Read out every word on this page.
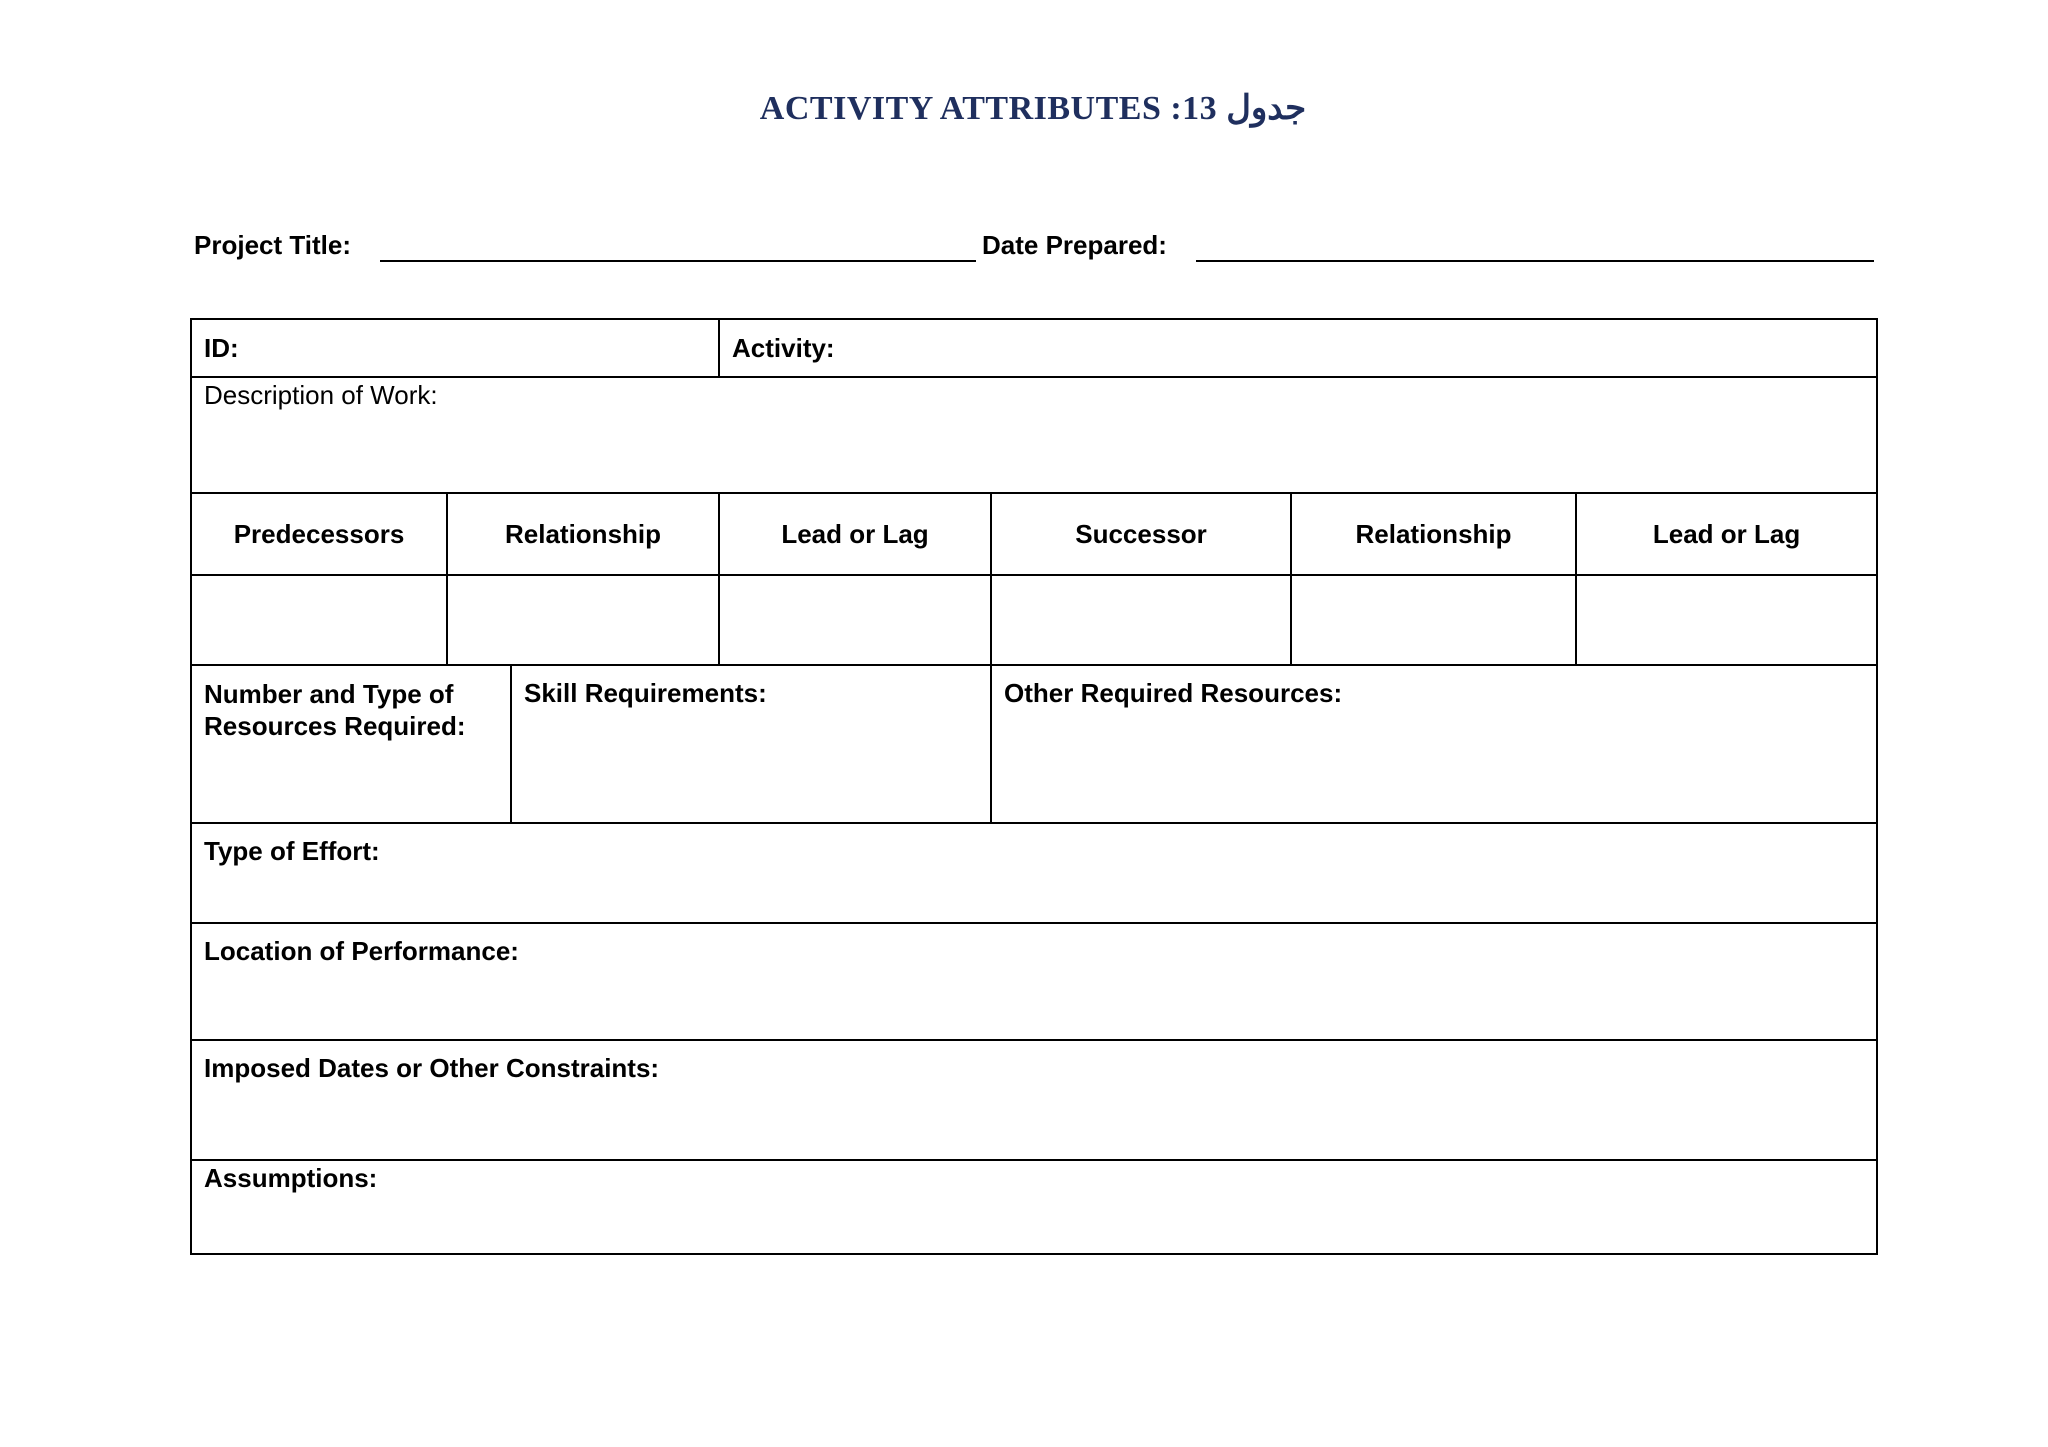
ACTIVITY ATTRIBUTES :13 جدول
Project Title:	Date Prepared:
ID:			Activity:			

Description of Work:						

Predecessors	Relationship		Lead or Lag	Successor	Relationship	Lead or Lag

Number and Type of Resources Required:		Skill Requirements:		Other Required Resources:		
Type of Effort:						
Location of Performance:						
Imposed Dates or Other Constraints:						
Assumptions:						
